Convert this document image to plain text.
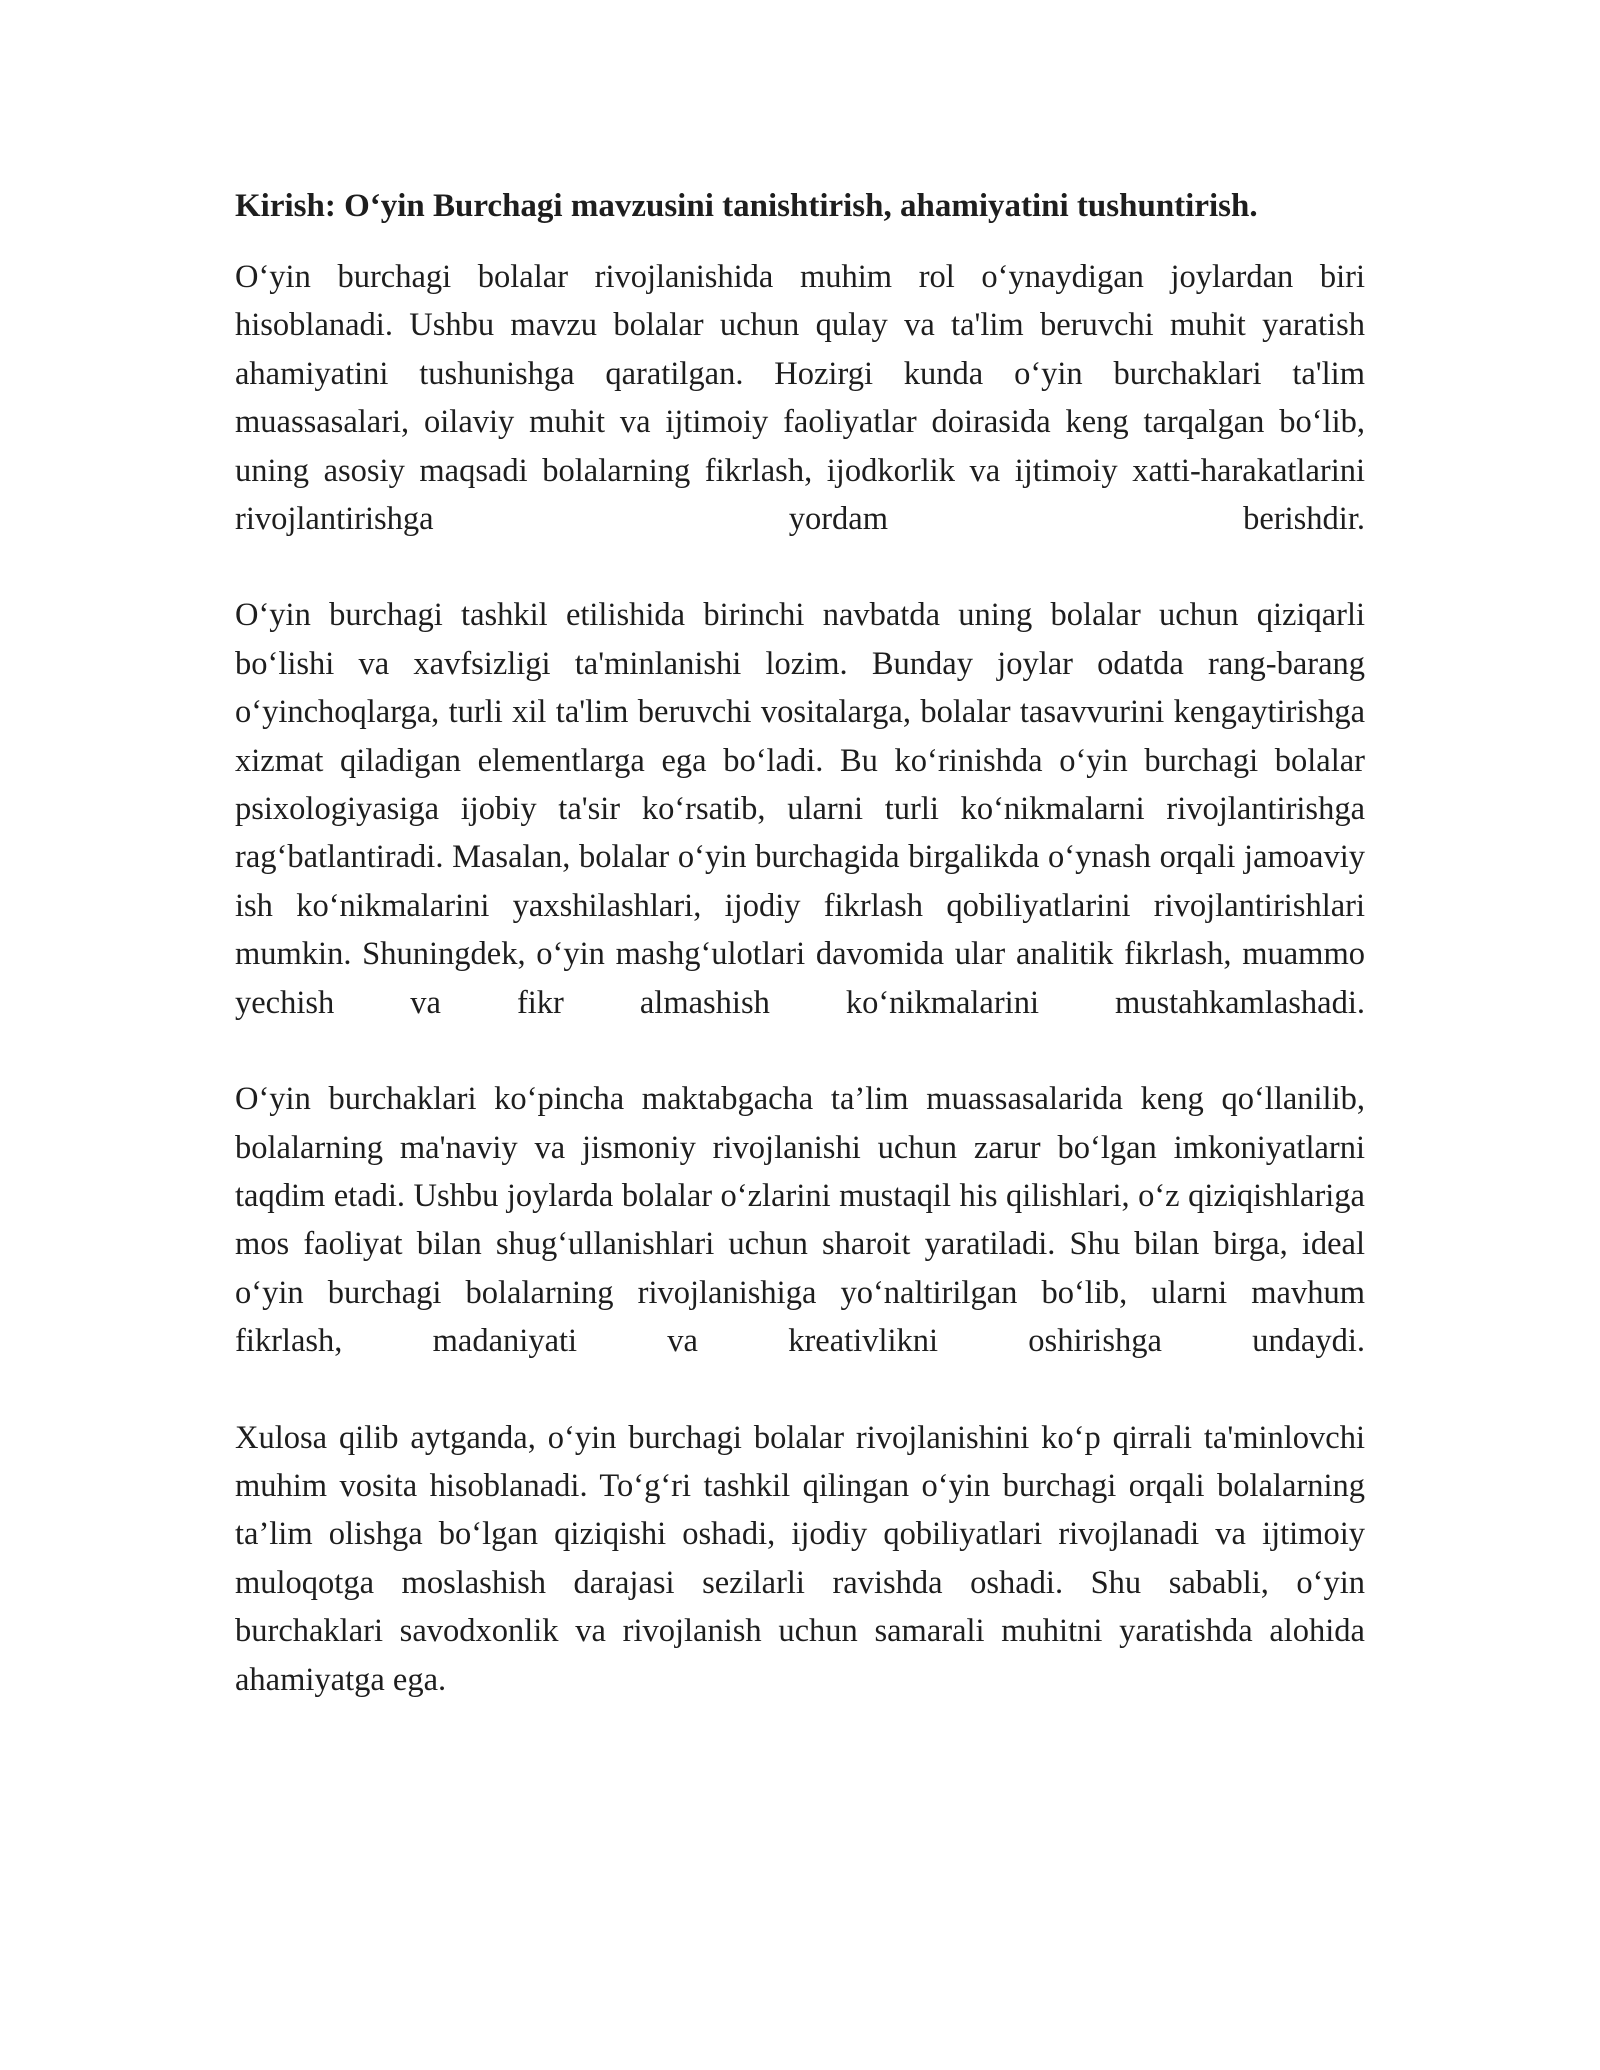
Kirish: O‘yin Burchagi mavzusini tanishtirish, ahamiyatini tushuntirish.

O‘yin burchagi bolalar rivojlanishida muhim rol o‘ynaydigan joylardan biri hisoblanadi. Ushbu mavzu bolalar uchun qulay va ta'lim beruvchi muhit yaratish ahamiyatini tushunishga qaratilgan. Hozirgi kunda o‘yin burchaklari ta'lim muassasalari, oilaviy muhit va ijtimoiy faoliyatlar doirasida keng tarqalgan bo‘lib, uning asosiy maqsadi bolalarning fikrlash, ijodkorlik va ijtimoiy xatti-harakatlarini rivojlantirishga yordam berishdir.

O‘yin burchagi tashkil etilishida birinchi navbatda uning bolalar uchun qiziqarli bo‘lishi va xavfsizligi ta'minlanishi lozim. Bunday joylar odatda rang-barang o‘yinchoqlarga, turli xil ta'lim beruvchi vositalarga, bolalar tasavvurini kengaytirishga xizmat qiladigan elementlarga ega bo‘ladi. Bu ko‘rinishda o‘yin burchagi bolalar psixologiyasiga ijobiy ta'sir ko‘rsatib, ularni turli ko‘nikmalarni rivojlantirishga rag‘batlantiradi. Masalan, bolalar o‘yin burchagida birgalikda o‘ynash orqali jamoaviy ish ko‘nikmalarini yaxshilashlari, ijodiy fikrlash qobiliyatlarini rivojlantirishlari mumkin. Shuningdek, o‘yin mashg‘ulotlari davomida ular analitik fikrlash, muammo yechish va fikr almashish ko‘nikmalarini mustahkamlashadi.

O‘yin burchaklari ko‘pincha maktabgacha ta’lim muassasalarida keng qo‘llanilib, bolalarning ma'naviy va jismoniy rivojlanishi uchun zarur bo‘lgan imkoniyatlarni taqdim etadi. Ushbu joylarda bolalar o‘zlarini mustaqil his qilishlari, o‘z qiziqishlariga mos faoliyat bilan shug‘ullanishlari uchun sharoit yaratiladi. Shu bilan birga, ideal o‘yin burchagi bolalarning rivojlanishiga yo‘naltirilgan bo‘lib, ularni mavhum fikrlash, madaniyati va kreativlikni oshirishga undaydi.

Xulosa qilib aytganda, o‘yin burchagi bolalar rivojlanishini ko‘p qirrali ta'minlovchi muhim vosita hisoblanadi. To‘g‘ri tashkil qilingan o‘yin burchagi orqali bolalarning ta’lim olishga bo‘lgan qiziqishi oshadi, ijodiy qobiliyatlari rivojlanadi va ijtimoiy muloqotga moslashish darajasi sezilarli ravishda oshadi. Shu sababli, o‘yin burchaklari savodxonlik va rivojlanish uchun samarali muhitni yaratishda alohida ahamiyatga ega.
